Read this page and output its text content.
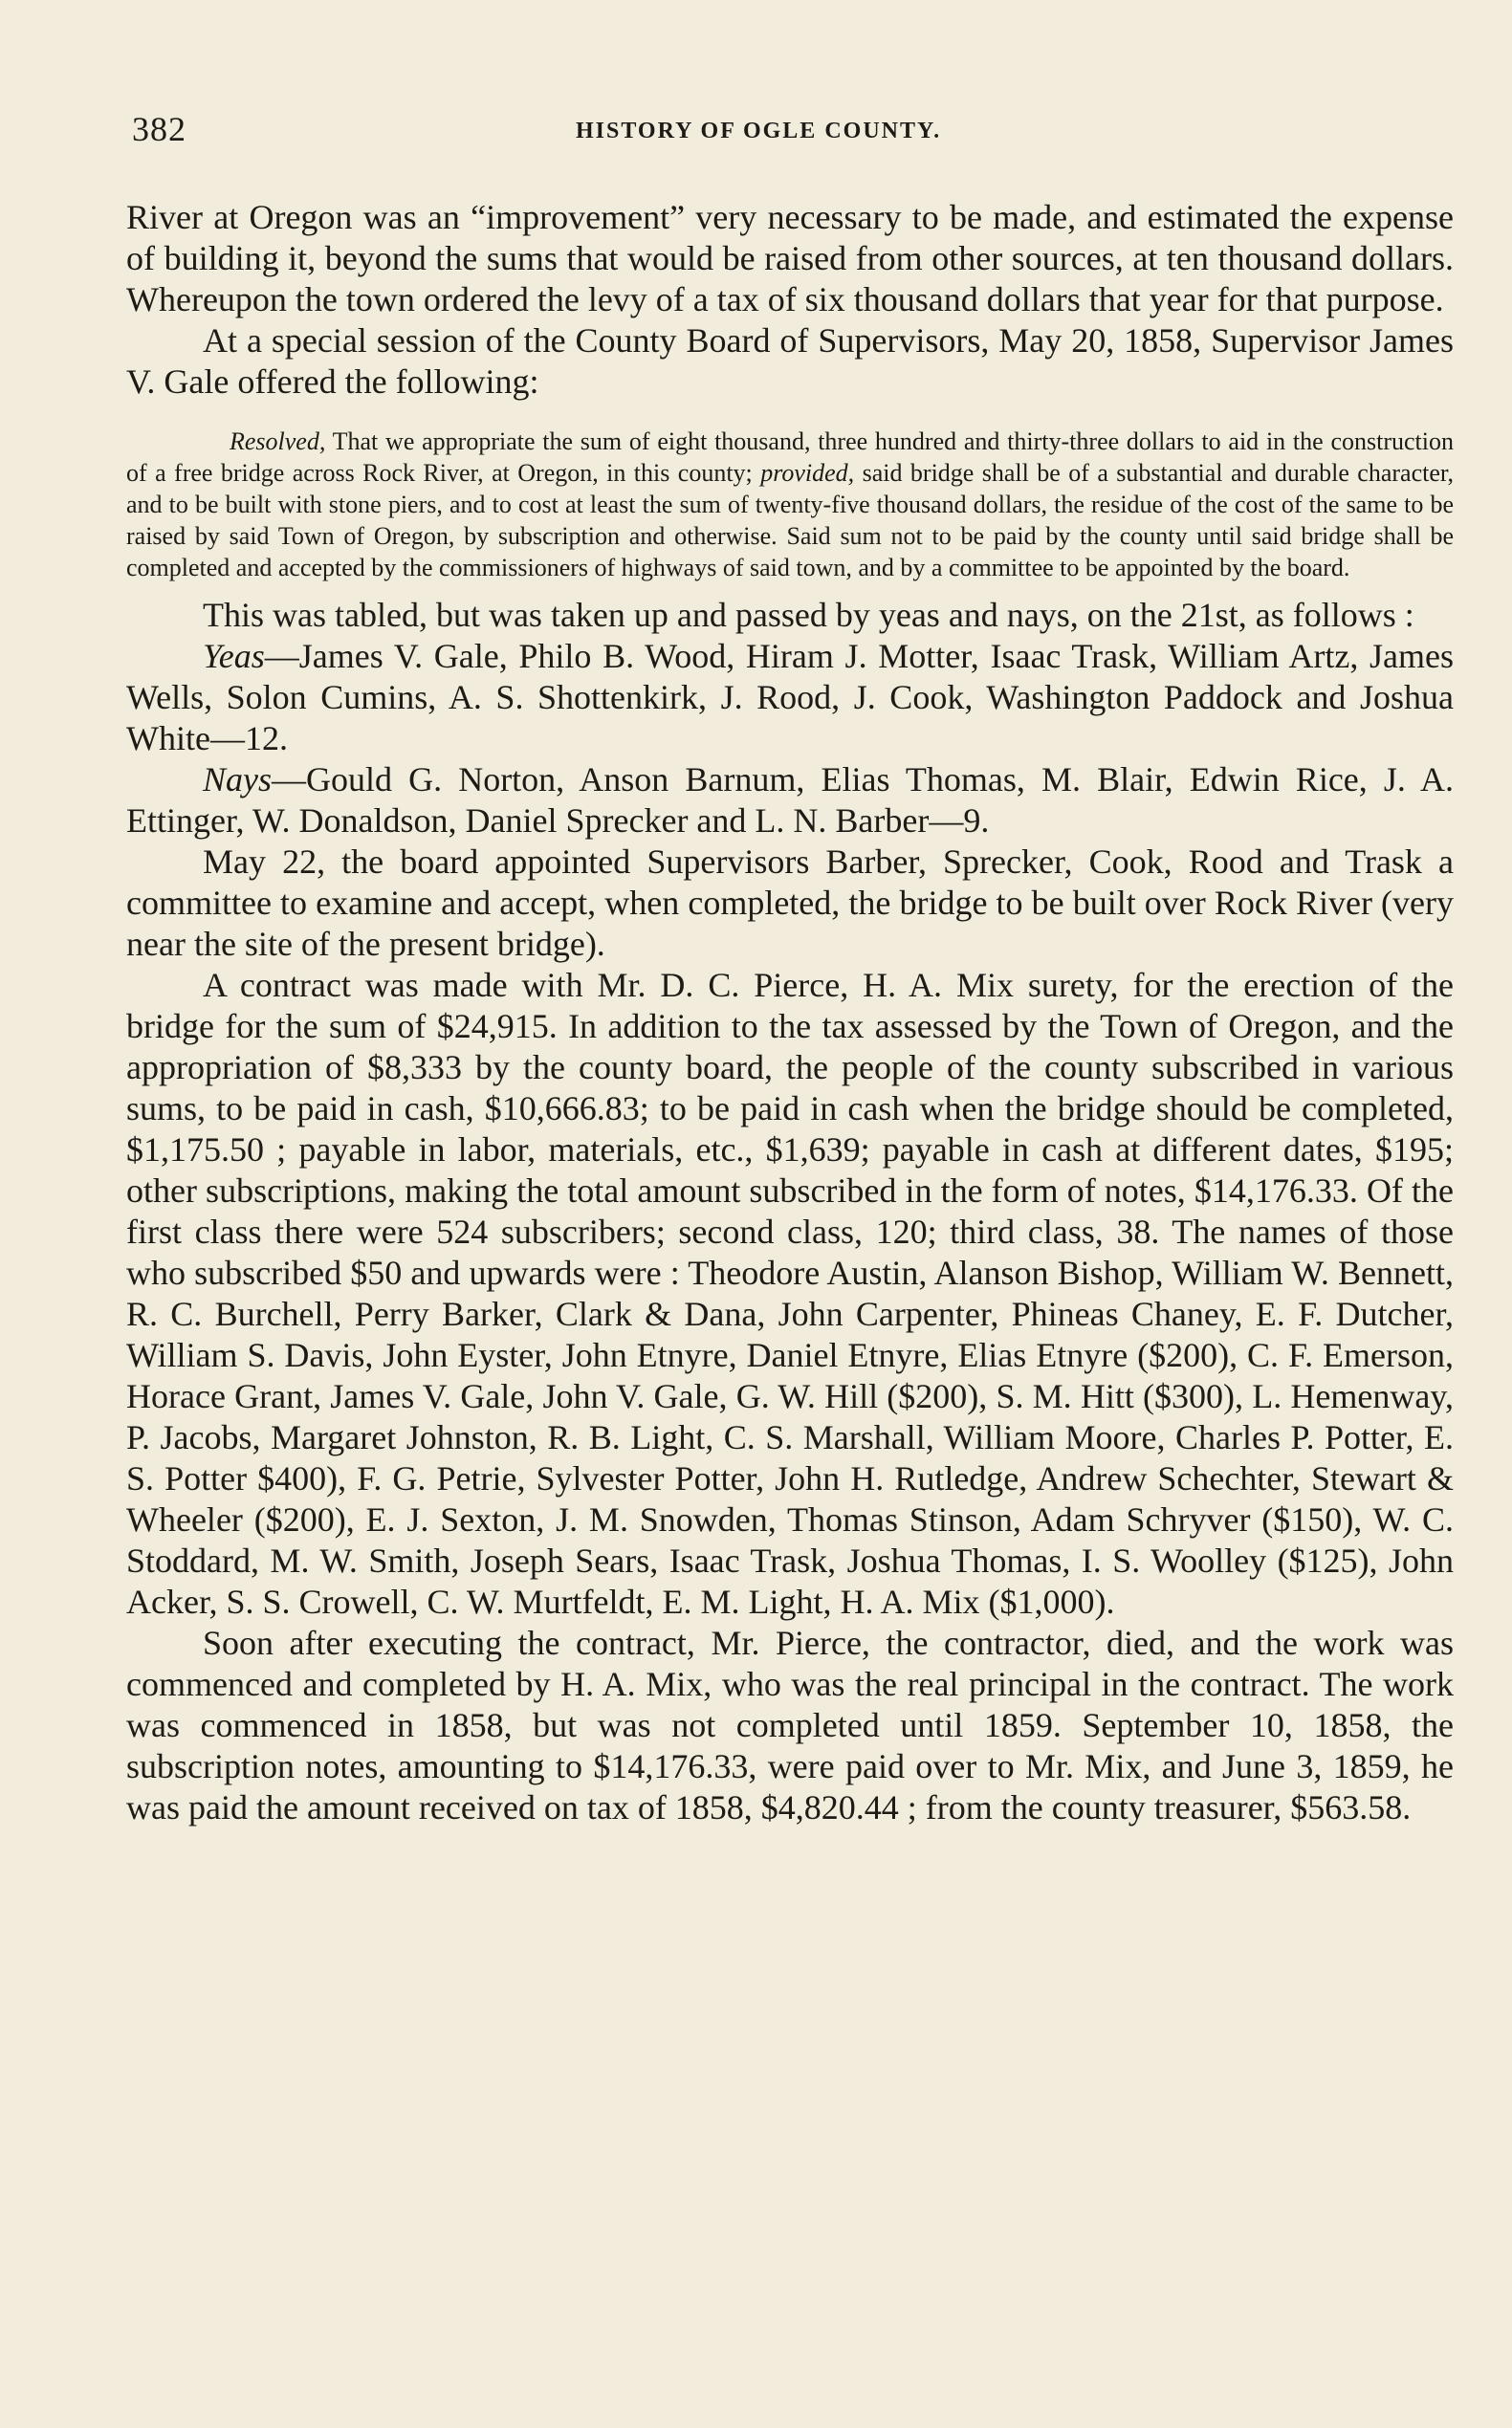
382	HISTORY OF OGLE COUNTY.

River at Oregon was an “improvement” very necessary to be made, and estimated the expense of building it, beyond the sums that would be raised from other sources, at ten thousand dollars. Whereupon the town ordered the levy of a tax of six thousand dollars that year for that purpose.

At a special session of the County Board of Supervisors, May 20, 1858, Supervisor James V. Gale offered the following:

Resolved, That we appropriate the sum of eight thousand, three hundred and thirty-three dollars to aid in the construction of a free bridge across Rock River, at Oregon, in this county; provided, said bridge shall be of a substantial and durable character, and to be built with stone piers, and to cost at least the sum of twenty-five thousand dollars, the residue of the cost of the same to be raised by said Town of Oregon, by subscription and otherwise. Said sum not to be paid by the county until said bridge shall be completed and accepted by the commissioners of highways of said town, and by a committee to be appointed by the board.

This was tabled, but was taken up and passed by yeas and nays, on the 21st, as follows :

Yeas—James V. Gale, Philo B. Wood, Hiram J. Motter, Isaac Trask, William Artz, James Wells, Solon Cumins, A. S. Shottenkirk, J. Rood, J. Cook, Washington Paddock and Joshua White—12.

Nays—Gould G. Norton, Anson Barnum, Elias Thomas, M. Blair, Edwin Rice, J. A. Ettinger, W. Donaldson, Daniel Sprecker and L. N. Barber—9.

May 22, the board appointed Supervisors Barber, Sprecker, Cook, Rood and Trask a committee to examine and accept, when completed, the bridge to be built over Rock River (very near the site of the present bridge).

A contract was made with Mr. D. C. Pierce, H. A. Mix surety, for the erection of the bridge for the sum of $24,915. In addition to the tax assessed by the Town of Oregon, and the appropriation of $8,333 by the county board, the people of the county subscribed in various sums, to be paid in cash, $10,666.83; to be paid in cash when the bridge should be completed, $1,175.50 ; payable in labor, materials, etc., $1,639; payable in cash at different dates, $195; other subscriptions, making the total amount subscribed in the form of notes, $14,176.33. Of the first class there were 524 subscribers; second class, 120; third class, 38. The names of those who subscribed $50 and upwards were : Theodore Austin, Alanson Bishop, William W. Bennett, R. C. Burchell, Perry Barker, Clark & Dana, John Carpenter, Phineas Chaney, E. F. Dutcher, William S. Davis, John Eyster, John Etnyre, Daniel Etnyre, Elias Etnyre ($200), C. F. Emerson, Horace Grant, James V. Gale, John V. Gale, G. W. Hill ($200), S. M. Hitt ($300), L. Hemenway, P. Jacobs, Margaret Johnston, R. B. Light, C. S. Marshall, William Moore, Charles P. Potter, E. S. Potter $400), F. G. Petrie, Sylvester Potter, John H. Rutledge, Andrew Schechter, Stewart & Wheeler ($200), E. J. Sexton, J. M. Snowden, Thomas Stinson, Adam Schryver ($150), W. C. Stoddard, M. W. Smith, Joseph Sears, Isaac Trask, Joshua Thomas, I. S. Woolley ($125), John Acker, S. S. Crowell, C. W. Murtfeldt, E. M. Light, H. A. Mix ($1,000).

Soon after executing the contract, Mr. Pierce, the contractor, died, and the work was commenced and completed by H. A. Mix, who was the real principal in the contract. The work was commenced in 1858, but was not completed until 1859. September 10, 1858, the subscription notes, amounting to $14,176.33, were paid over to Mr. Mix, and June 3, 1859, he was paid the amount received on tax of 1858, $4,820.44 ; from the county treasurer, $563.58.
